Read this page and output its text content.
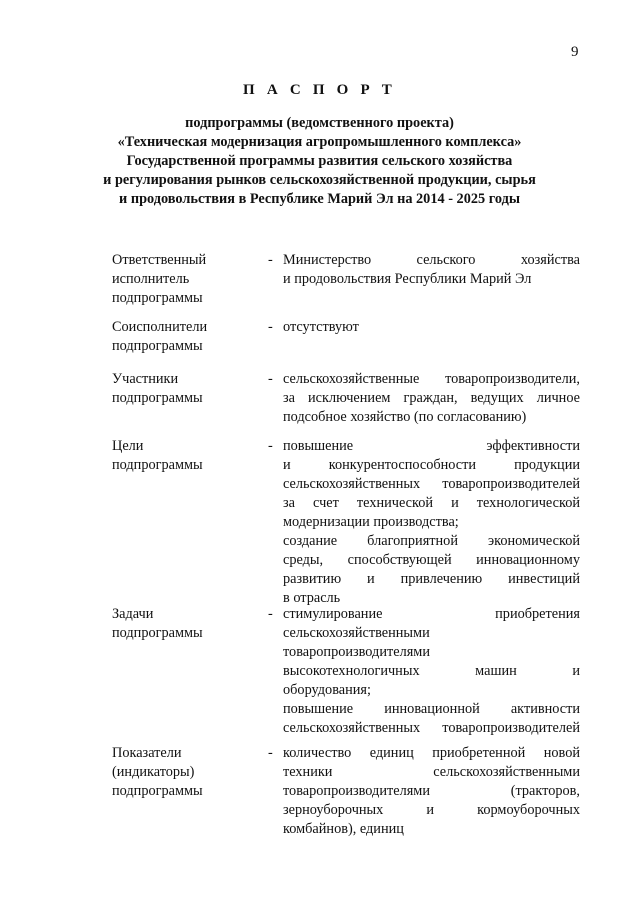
9
П А С П О Р Т
подпрограммы (ведомственного проекта)
«Техническая модернизация агропромышленного комплекса»
Государственной программы развития сельского хозяйства
и регулирования рынков сельскохозяйственной продукции, сырья
и продовольствия в Республике Марий Эл на 2014 - 2025 годы
Ответственный
исполнитель
подпрограммы
- Министерство сельского хозяйства
и продовольствия Республики Марий Эл
Соисполнители
подпрограммы
- отсутствуют
Участники
подпрограммы
- сельскохозяйственные товаропроизводители,
за исключением граждан, ведущих личное
подсобное хозяйство (по согласованию)
Цели
подпрограммы
- повышение эффективности
и конкурентоспособности продукции
сельскохозяйственных товаропроизводителей
за счет технической и технологической
модернизации производства;
создание благоприятной экономической
среды, способствующей инновационному
развитию и привлечению инвестиций
в отрасль
Задачи
подпрограммы
- стимулирование приобретения
сельскохозяйственными
товаропроизводителями
высокотехнологичных машин и
оборудования;
повышение инновационной активности
сельскохозяйственных товаропроизводителей
Показатели
(индикаторы)
подпрограммы
- количество единиц приобретенной новой
техники сельскохозяйственными
товаропроизводителями (тракторов,
зерноуборочных и кормоуборочных
комбайнов), единиц
